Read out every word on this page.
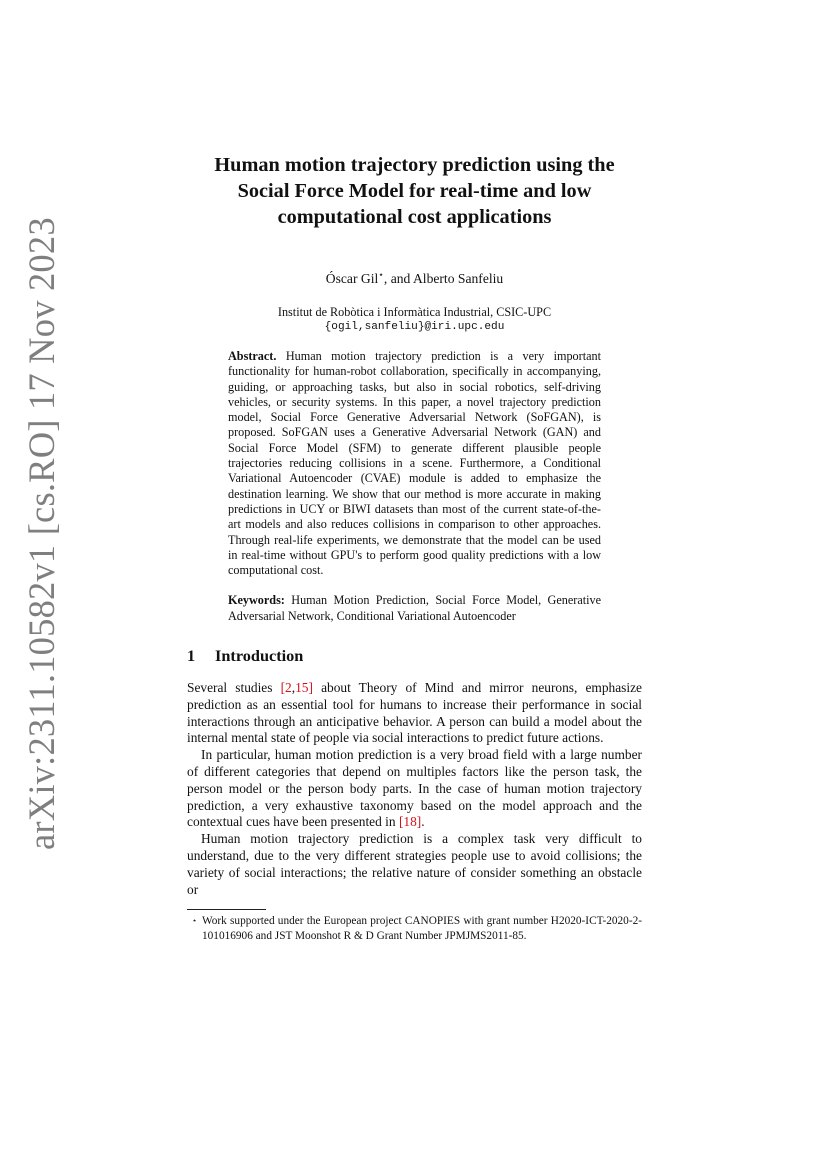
arXiv:2311.10582v1 [cs.RO] 17 Nov 2023
Human motion trajectory prediction using the Social Force Model for real-time and low computational cost applications
Óscar Gil⋆, and Alberto Sanfeliu
Institut de Robòtica i Informàtica Industrial, CSIC-UPC
{ogil,sanfeliu}@iri.upc.edu
Abstract. Human motion trajectory prediction is a very important functionality for human-robot collaboration, specifically in accompanying, guiding, or approaching tasks, but also in social robotics, self-driving vehicles, or security systems. In this paper, a novel trajectory prediction model, Social Force Generative Adversarial Network (SoFGAN), is proposed. SoFGAN uses a Generative Adversarial Network (GAN) and Social Force Model (SFM) to generate different plausible people trajectories reducing collisions in a scene. Furthermore, a Conditional Variational Autoencoder (CVAE) module is added to emphasize the destination learning. We show that our method is more accurate in making predictions in UCY or BIWI datasets than most of the current state-of-the-art models and also reduces collisions in comparison to other approaches. Through real-life experiments, we demonstrate that the model can be used in real-time without GPU's to perform good quality predictions with a low computational cost.
Keywords: Human Motion Prediction, Social Force Model, Generative Adversarial Network, Conditional Variational Autoencoder
1 Introduction

Several studies [2,15] about Theory of Mind and mirror neurons, emphasize prediction as an essential tool for humans to increase their performance in social interactions through an anticipative behavior. A person can build a model about the internal mental state of people via social interactions to predict future actions.

In particular, human motion prediction is a very broad field with a large number of different categories that depend on multiples factors like the person task, the person model or the person body parts. In the case of human motion trajectory prediction, a very exhaustive taxonomy based on the model approach and the contextual cues have been presented in [18].

Human motion trajectory prediction is a complex task very difficult to understand, due to the very different strategies people use to avoid collisions; the variety of social interactions; the relative nature of consider something an obstacle or

⋆ Work supported under the European project CANOPIES with grant number H2020-ICT-2020-2-101016906 and JST Moonshot R & D Grant Number JPMJMS2011-85.
